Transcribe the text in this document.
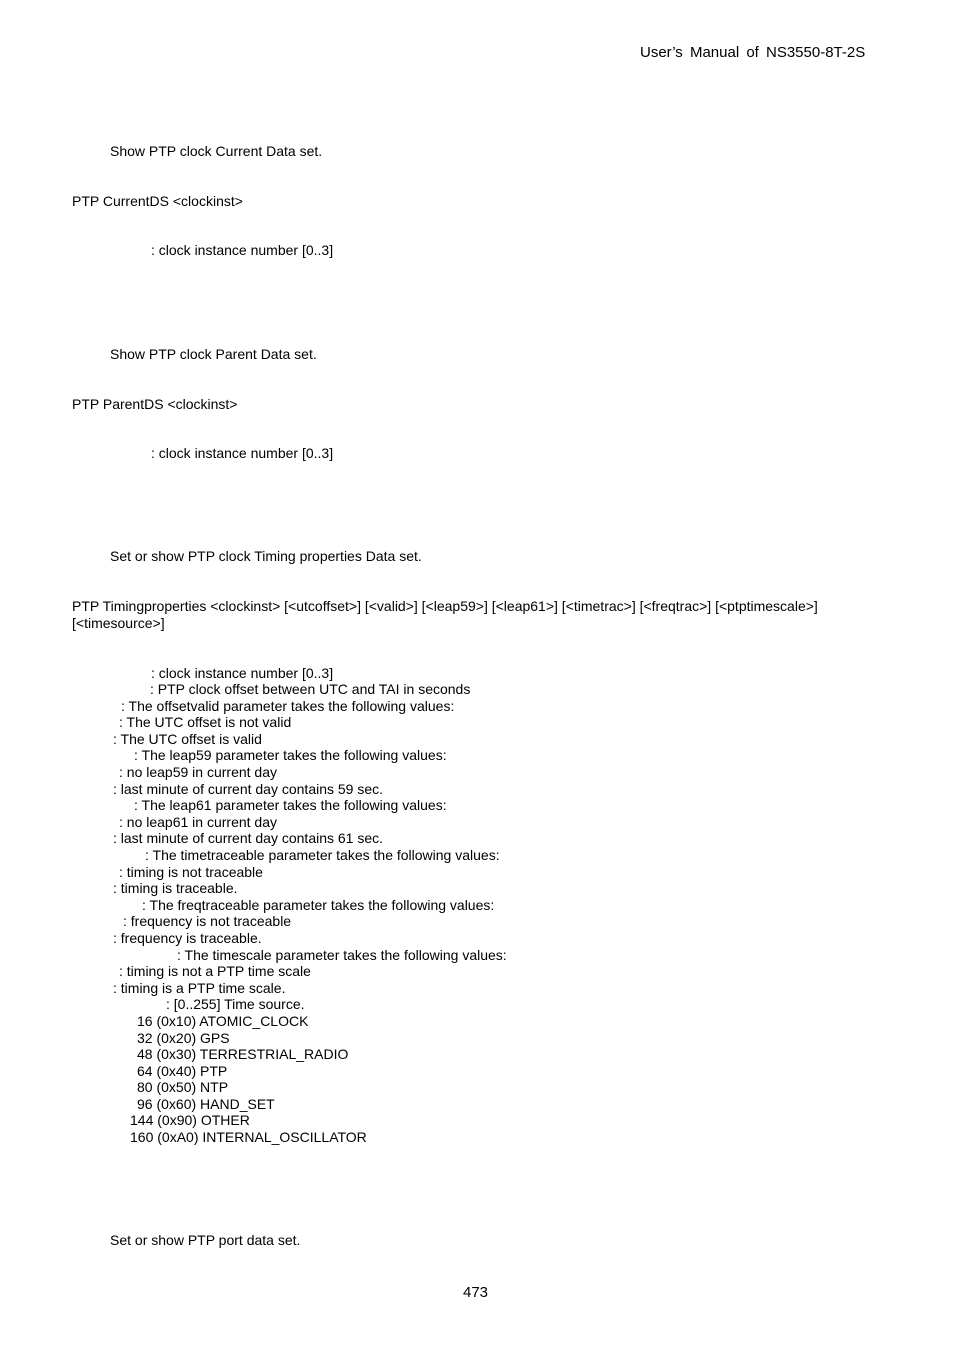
User’s Manual of NS3550-8T-2S
Show PTP clock Current Data set.
PTP CurrentDS <clockinst>
: clock instance number [0..3]
Show PTP clock Parent Data set.
PTP ParentDS <clockinst>
: clock instance number [0..3]
Set or show PTP clock Timing properties Data set.
PTP Timingproperties <clockinst> [<utcoffset>] [<valid>] [<leap59>] [<leap61>] [<timetrac>] [<freqtrac>] [<ptptimescale>]
[<timesource>]
: clock instance number [0..3]
: PTP clock offset between UTC and TAI in seconds
: The offsetvalid parameter takes the following values:
: The UTC offset is not valid
: The UTC offset is valid
: The leap59 parameter takes the following values:
: no leap59 in current day
: last minute of current day contains 59 sec.
: The leap61 parameter takes the following values:
: no leap61 in current day
: last minute of current day contains 61 sec.
: The timetraceable parameter takes the following values:
: timing is not traceable
: timing is traceable.
: The freqtraceable parameter takes the following values:
: frequency is not traceable
: frequency is traceable.
: The timescale parameter takes the following values:
: timing is not a PTP time scale
: timing is a PTP time scale.
: [0..255] Time source.
16 (0x10) ATOMIC_CLOCK
32 (0x20) GPS
48 (0x30) TERRESTRIAL_RADIO
64 (0x40) PTP
80 (0x50) NTP
96 (0x60) HAND_SET
144 (0x90) OTHER
160 (0xA0) INTERNAL_OSCILLATOR
Set or show PTP port data set.
473
